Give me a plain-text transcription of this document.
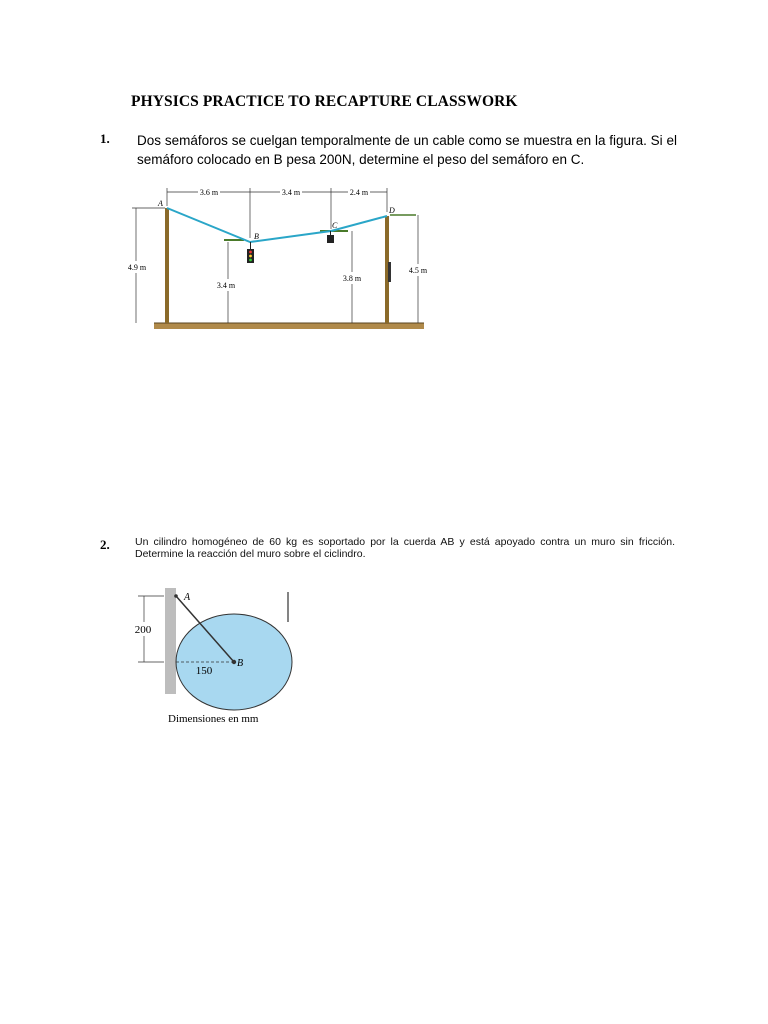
PHYSICS PRACTICE TO RECAPTURE CLASSWORK
1. Dos semáforos se cuelgan temporalmente de un cable como se muestra en la figura. Si el semáforo colocado en B pesa 200N, determine el peso del semáforo en C.
3.6 m	3.4 m	2.4 m
4.9 m
3.4 m
3.8 m
4.5 m
A
B
C
D
2. Un cilindro homogéneo de 60 kg es soportado por la cuerda AB y está apoyado contra un muro sin fricción. Determine la reacción del muro sobre el ciclindro.
200
150
A
B
Dimensiones en mm
